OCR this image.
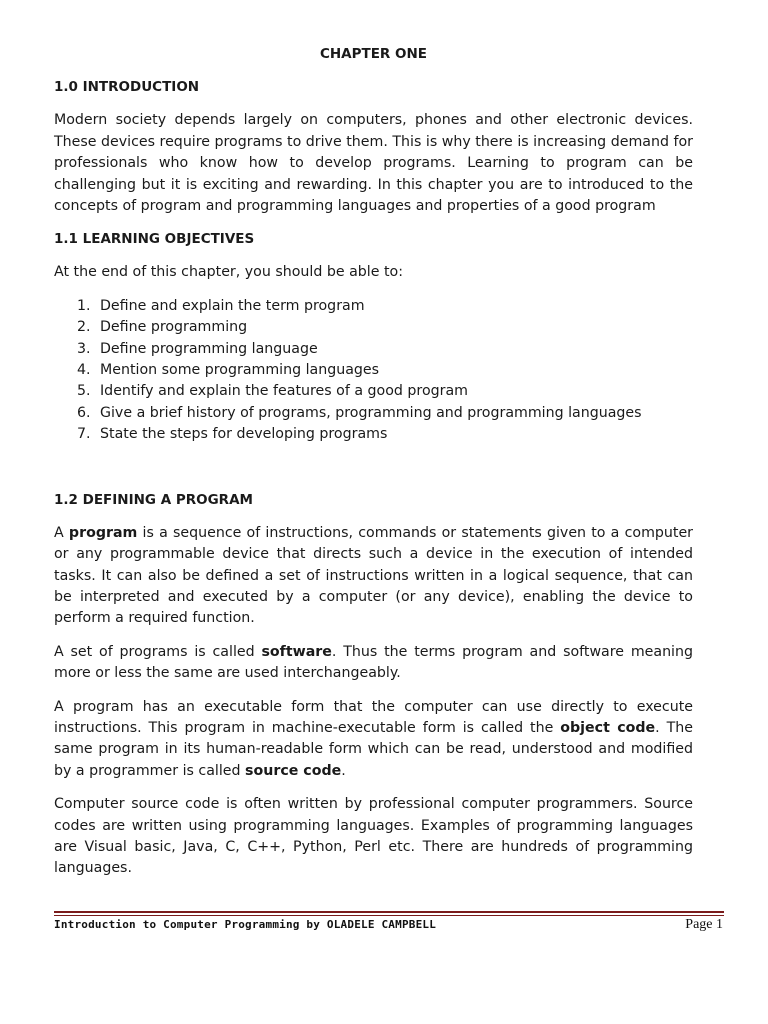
CHAPTER ONE
1.0 INTRODUCTION

Modern society depends largely on computers, phones and other electronic devices. These devices require programs to drive them. This is why there is increasing demand for professionals who know how to develop programs. Learning to program can be challenging but it is exciting and rewarding. In this chapter you are to introduced to the concepts of program and programming languages and properties of a good program

1.1 LEARNING OBJECTIVES

At the end of this chapter, you should be able to:

1. Define and explain the term program
2. Define programming
3. Define programming language
4. Mention some programming languages
5. Identify and explain the features of a good program
6. Give a brief history of programs, programming and programming languages
7. State the steps for developing programs
1.2 DEFINING A PROGRAM

A program is a sequence of instructions, commands or statements given to a computer or any programmable device that directs such a device in the execution of intended tasks. It can also be defined a set of instructions written in a logical sequence, that can be interpreted and executed by a computer (or any device), enabling the device to perform a required function.

A set of programs is called software. Thus the terms program and software meaning more or less the same are used interchangeably.

A program has an executable form that the computer can use directly to execute instructions. This program in machine-executable form is called the object code. The same program in its human-readable form which can be read, understood and modified by a programmer is called source code.

Computer source code is often written by professional computer programmers. Source codes are written using programming languages. Examples of programming languages are Visual basic, Java, C, C++, Python, Perl etc. There are hundreds of programming languages.

Introduction to Computer Programming by OLADELE CAMPBELL	Page 1
